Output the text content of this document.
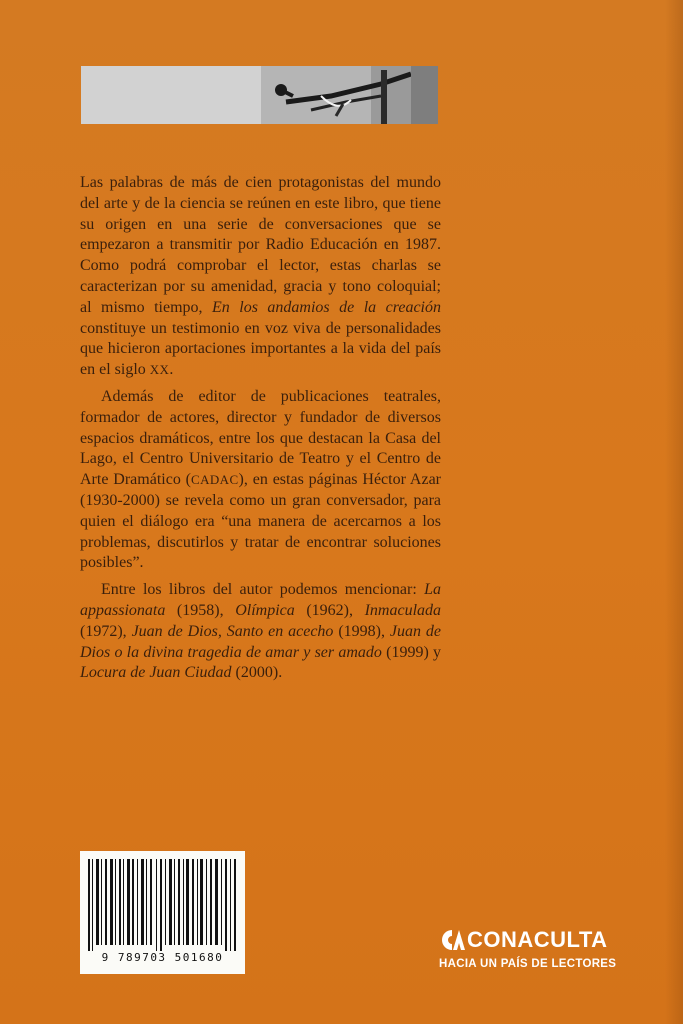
Las palabras de más de cien protagonistas del mundo del arte y de la ciencia se reúnen en este libro, que tiene su origen en una serie de conversaciones que se empezaron a transmitir por Radio Educación en 1987. Como podrá comprobar el lector, estas charlas se caracterizan por su amenidad, gracia y tono coloquial; al mismo tiempo, En los andamios de la creación constituye un testimonio en voz viva de personalidades que hicieron aportaciones importantes a la vida del país en el siglo XX.

Además de editor de publicaciones teatrales, formador de actores, director y fundador de diversos espacios dramáticos, entre los que destacan la Casa del Lago, el Centro Universitario de Teatro y el Centro de Arte Dramático (CADAC), en estas páginas Héctor Azar (1930-2000) se revela como un gran conversador, para quien el diálogo era “una manera de acercarnos a los problemas, discutirlos y tratar de encontrar soluciones posibles”.

Entre los libros del autor podemos mencionar: La appassionata (1958), Olímpica (1962), Inmaculada (1972), Juan de Dios, Santo en acecho (1998), Juan de Dios o la divina tragedia de amar y ser amado (1999) y Locura de Juan Ciudad (2000).

9 789703 501680
CONACULTA
HACIA UN PAÍS DE LECTORES
